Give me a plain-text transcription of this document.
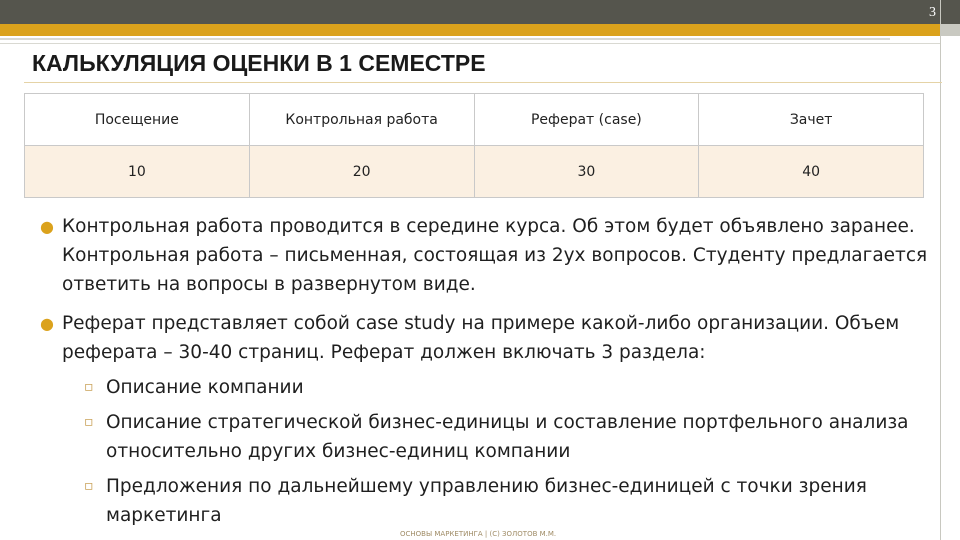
3
КАЛЬКУЛЯЦИЯ ОЦЕНКИ В 1 СЕМЕСТРЕ
Посещение	Контрольная работа	Реферат (case)	Зачет
10	20	30	40
● Контрольная работа проводится в середине курса. Об этом будет объявлено заранее. Контрольная работа – письменная, состоящая из 2ух вопросов. Студенту предлагается ответить на вопросы в развернутом виде.
● Реферат представляет собой case study на примере какой-либо организации. Объем реферата – 30-40 страниц. Реферат должен включать 3 раздела:
▫ Описание компании
▫ Описание стратегической бизнес-единицы и составление портфельного анализа относительно других бизнес-единиц компании
▫ Предложения по дальнейшему управлению бизнес-единицей с точки зрения маркетинга
ОСНОВЫ МАРКЕТИНГА | (С) ЗОЛОТОВ М.М.
